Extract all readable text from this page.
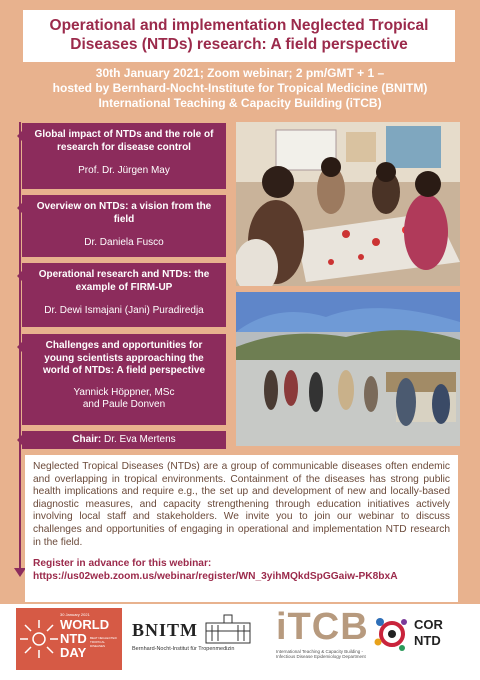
Operational and implementation Neglected Tropical Diseases (NTDs) research: A field perspective
30th January 2021; Zoom webinar; 2 pm/GMT + 1 –
hosted by Bernhard-Nocht-Institute for Tropical Medicine (BNITM)
International Teaching & Capacity Building (iTCB)
Global impact of NTDs and the role of research for disease control
Prof. Dr. Jürgen May
Overview on NTDs: a vision from the field
Dr. Daniela Fusco
Operational research and NTDs: the example of FIRM-UP
Dr. Dewi Ismajani (Jani) Puradiredja
Challenges and opportunities for young scientists approaching the world of NTDs: A field perspective
Yannick Höppner, MSc
and Paule Donven
Chair: Dr. Eva Mertens
Neglected Tropical Diseases (NTDs) are a group of communicable diseases often endemic and overlapping in tropical environments. Containment of the diseases has strong public health implications and require e.g., the set up and development of new and locally-based diagnostic measures, and capacity strengthening through education initiatives actively involving local staff and stakeholders. We invite you to join our webinar to discuss challenges and opportunities of engaging in operational and implementation NTD research in the field.
Register in advance for this webinar:
https://us02web.zoom.us/webinar/register/WN_3yihMQkdSpGGaiw-PK8bxA
30 January 2021
WORLD
NTD
DAY
BEAT NEGLECTED TROPICAL DISEASES
BNITM
Bernhard-Nocht-Institut für Tropenmedizin
iTCB
International Teaching & Capacity Building -
Infectious Disease Epidemiology Department
COR
NTD
